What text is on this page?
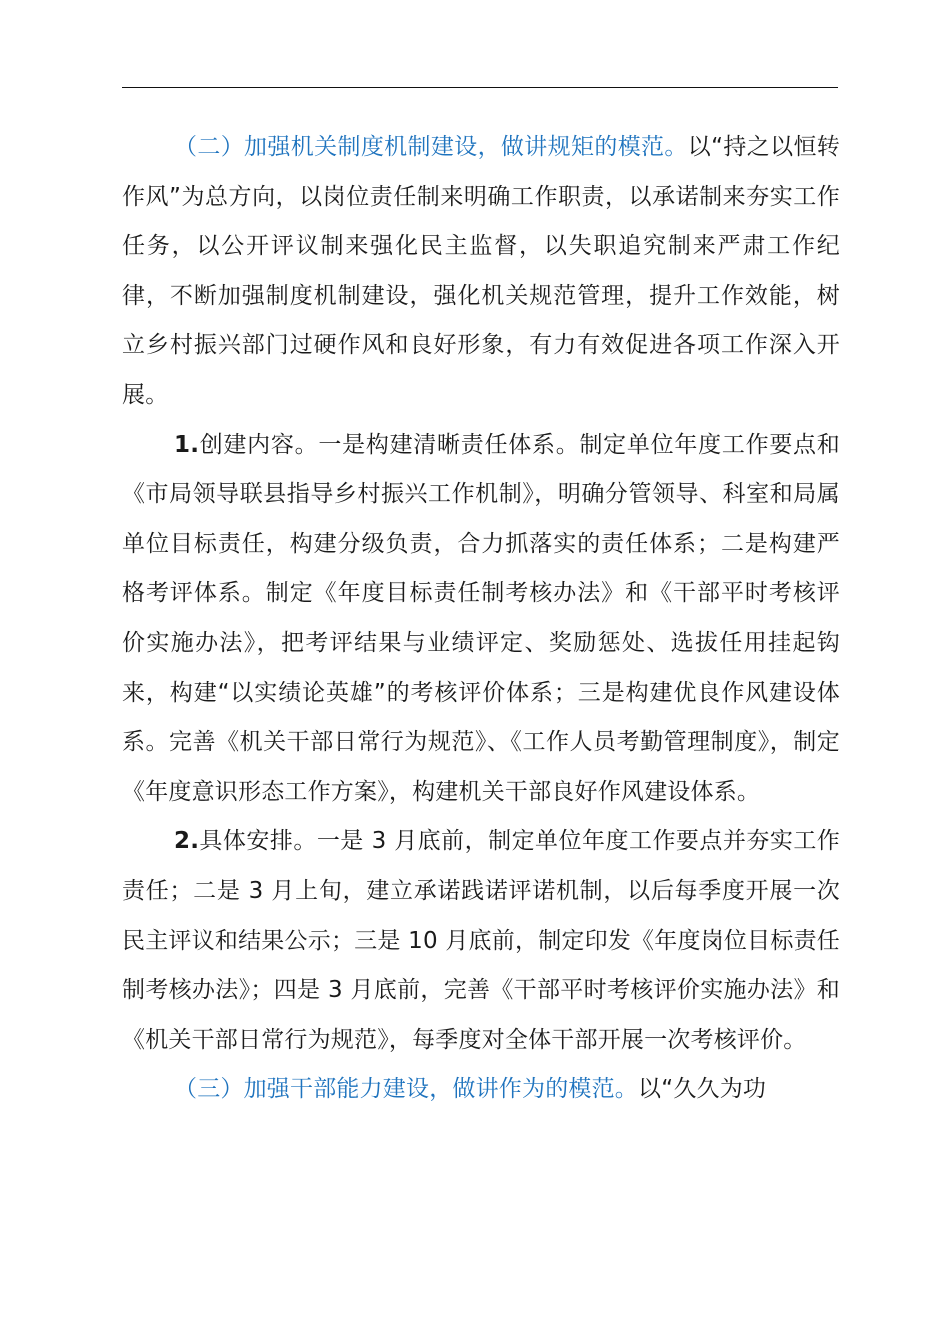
（二）加强机关制度机制建设，做讲规矩的模范。以“持之以恒转作风”为总方向，以岗位责任制来明确工作职责，以承诺制来夯实工作任务，以公开评议制来强化民主监督，以失职追究制来严肃工作纪律，不断加强制度机制建设，强化机关规范管理，提升工作效能，树立乡村振兴部门过硬作风和良好形象，有力有效促进各项工作深入开展。

1.创建内容。一是构建清晰责任体系。制定单位年度工作要点和《市局领导联县指导乡村振兴工作机制》，明确分管领导、科室和局属单位目标责任，构建分级负责，合力抓落实的责任体系；二是构建严格考评体系。制定《年度目标责任制考核办法》和《干部平时考核评价实施办法》，把考评结果与业绩评定、奖励惩处、选拔任用挂起钩来，构建“以实绩论英雄”的考核评价体系；三是构建优良作风建设体系。完善《机关干部日常行为规范》、《工作人员考勤管理制度》，制定《年度意识形态工作方案》，构建机关干部良好作风建设体系。

2.具体安排。一是 3 月底前，制定单位年度工作要点并夯实工作责任；二是 3 月上旬，建立承诺践诺评诺机制，以后每季度开展一次民主评议和结果公示；三是 10 月底前，制定印发《年度岗位目标责任制考核办法》；四是 3 月底前，完善《干部平时考核评价实施办法》和《机关干部日常行为规范》，每季度对全体干部开展一次考核评价。

（三）加强干部能力建设，做讲作为的模范。以“久久为功
